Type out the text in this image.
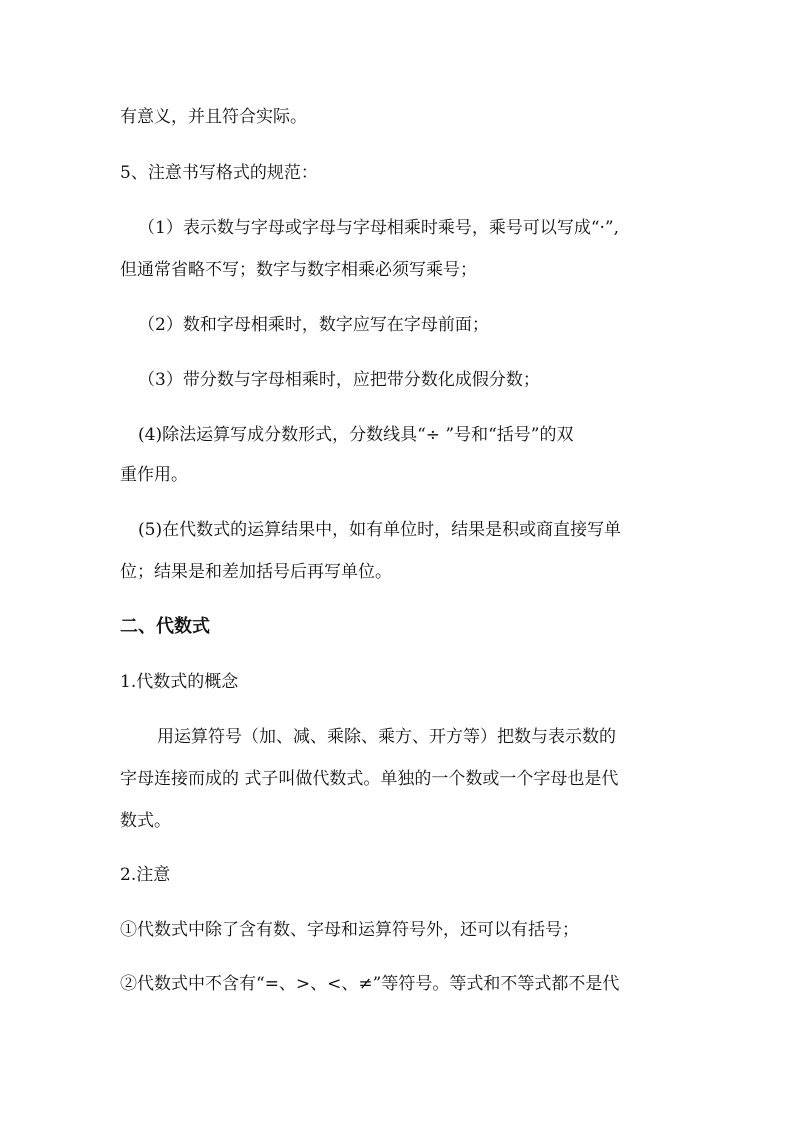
有意义，并且符合实际。
5、注意书写格式的规范：
（1）表示数与字母或字母与字母相乘时乘号，乘号可以写成“·”,
但通常省略不写；数字与数字相乘必须写乘号；
（2）数和字母相乘时，数字应写在字母前面；
（3）带分数与字母相乘时，应把带分数化成假分数；
(4)除法运算写成分数形式，分数线具“÷ ”号和“括号”的双
重作用。
(5)在代数式的运算结果中，如有单位时，结果是积或商直接写单
位；结果是和差加括号后再写单位。
二、代数式
1.代数式的概念
用运算符号（加、减、乘除、乘方、开方等）把数与表示数的
字母连接而成的 式子叫做代数式。单独的一个数或一个字母也是代
数式。
2.注意
①代数式中除了含有数、字母和运算符号外，还可以有括号；
②代数式中不含有“=、>、<、≠”等符号。等式和不等式都不是代
